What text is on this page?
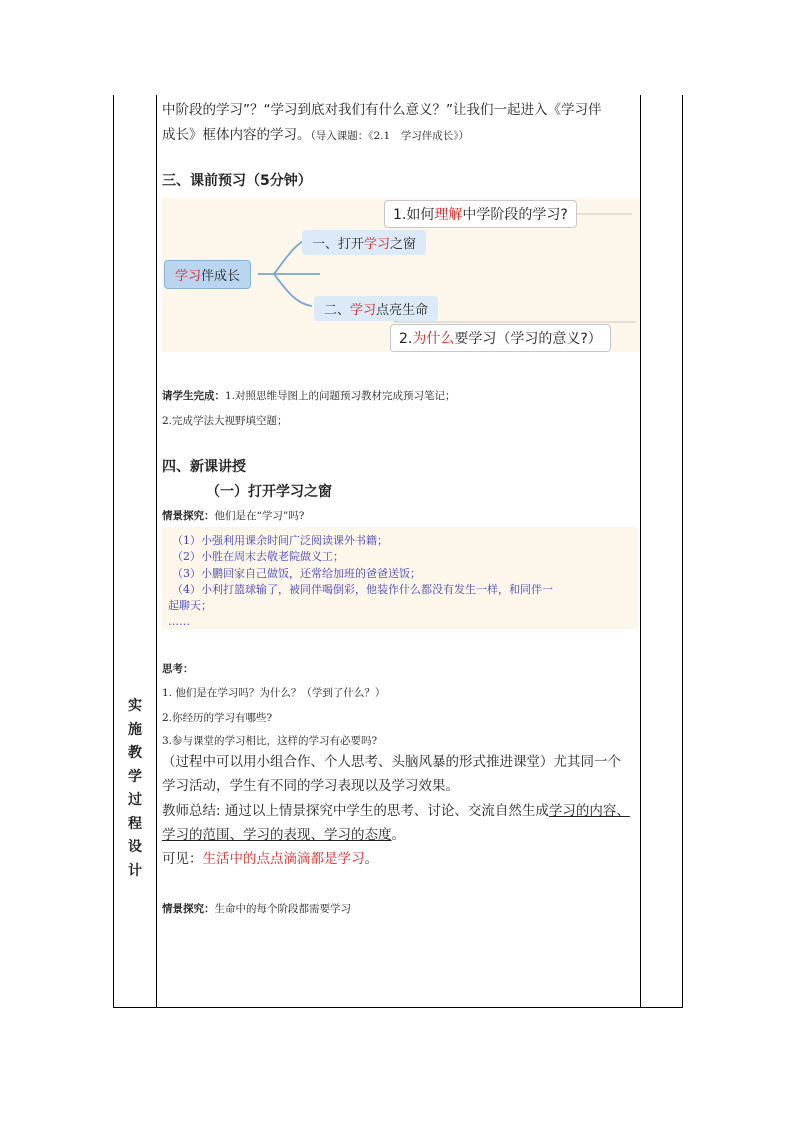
实
施
教
学
过
程
设
计
中阶段的学习”？“学习到底对我们有什么意义？”让我们一起进入《学习伴
成长》框体内容的学习。（导入课题：《2.1　学习伴成长》）
三、课前预习（5分钟）
学习伴成长
一、打开学习之窗
二、学习点亮生命
1.如何理解中学阶段的学习?
2.为什么要学习（学习的意义?）
请学生完成：1.对照思维导图上的问题预习教材完成预习笔记；
2.完成学法大视野填空题；
四、新课讲授
（一）打开学习之窗
情景探究：他们是在“学习”吗?
（1）小强利用课余时间广泛阅读课外书籍；
（2）小胜在周末去敬老院做义工；
（3）小鹏回家自己做饭，还常给加班的爸爸送饭；
（4）小利打篮球输了，被同伴喝倒彩，他装作什么都没有发生一样，和同伴一
起聊天；
……
思考：
1. 他们是在学习吗？为什么？（学到了什么？）
2.你经历的学习有哪些?
3.参与课堂的学习相比，这样的学习有必要吗?
（过程中可以用小组合作、个人思考、头脑风暴的形式推进课堂）尤其同一个
学习活动，学生有不同的学习表现以及学习效果。
教师总结: 通过以上情景探究中学生的思考、讨论、交流自然生成学习的内容、
学习的范围、学习的表现、学习的态度。
可见：生活中的点点滴滴都是学习。
情景探究：生命中的每个阶段都需要学习
